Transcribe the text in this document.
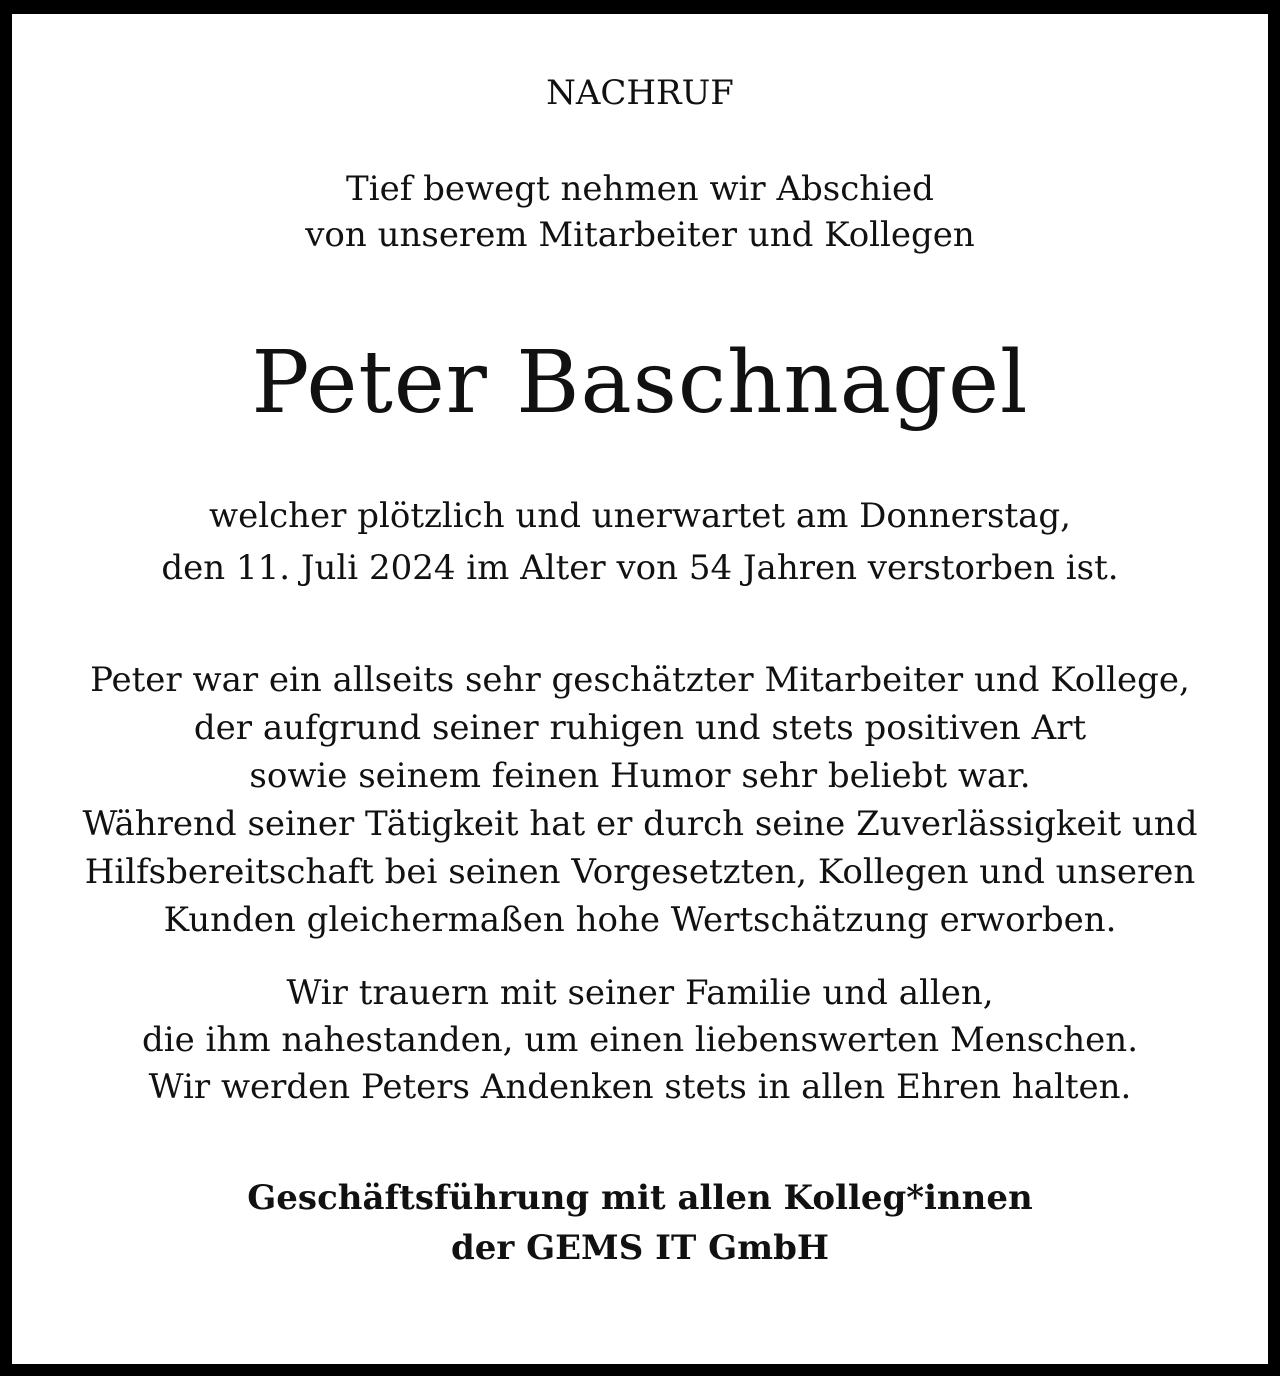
NACHRUF
Tief bewegt nehmen wir Abschied
von unserem Mitarbeiter und Kollegen
Peter Baschnagel
welcher plötzlich und unerwartet am Donnerstag,
den 11. Juli 2024 im Alter von 54 Jahren verstorben ist.
Peter war ein allseits sehr geschätzter Mitarbeiter und Kollege,
der aufgrund seiner ruhigen und stets positiven Art
sowie seinem feinen Humor sehr beliebt war.
Während seiner Tätigkeit hat er durch seine Zuverlässigkeit und
Hilfsbereitschaft bei seinen Vorgesetzten, Kollegen und unseren
Kunden gleichermaßen hohe Wertschätzung erworben.
Wir trauern mit seiner Familie und allen,
die ihm nahestanden, um einen liebenswerten Menschen.
Wir werden Peters Andenken stets in allen Ehren halten.
Geschäftsführung mit allen Kolleg*innen
der GEMS IT GmbH
